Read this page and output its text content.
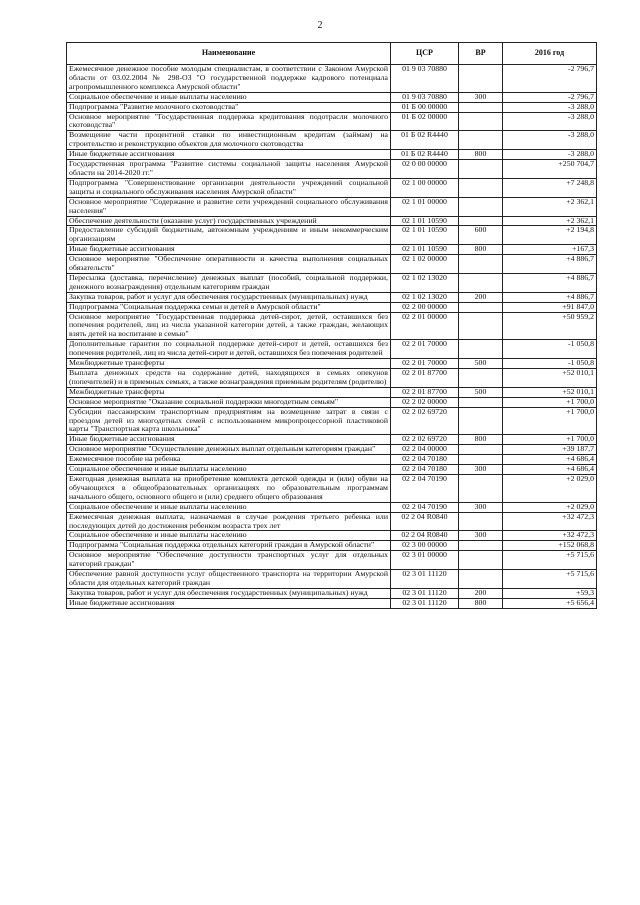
2
Наименование	ЦСР	ВР	2016 год
Ежемесячное денежное пособие молодым специалистам, в соответствии с Законом Амурской области от 03.02.2004 № 298-ОЗ "О государственной поддержке кадрового потенциала агропромышленного комплекса Амурской области"	01 9 03 70880		-2 796,7
Социальное обеспечение и иные выплаты населению	01 9 03 70880	300	-2 796,7
Подпрограмма "Развитие молочного скотоводства"	01 Б 00 00000		-3 288,0
Основное мероприятие "Государственная поддержка кредитования подотрасли молочного скотоводства"	01 Б 02 00000		-3 288,0
Возмещение части процентной ставки по инвестиционным кредитам (займам) на строительство и реконструкцию объектов для молочного скотоводства	01 Б 02 R4440		-3 288,0
Иные бюджетные ассигнования	01 Б 02 R4440	800	-3 288,0
Государственная программа "Развитие системы социальной защиты населения Амурской области на 2014-2020 гг."	02 0 00 00000		+250 704,7
Подпрограмма "Совершенствование организации деятельности учреждений социальной защиты и социального обслуживания населения Амурской области"	02 1 00 00000		+7 248,8
Основное мероприятие "Содержание и развитие сети учреждений социального обслуживания населения"	02 1 01 00000		+2 362,1
Обеспечение деятельности (оказание услуг) государственных учреждений	02 1 01 10590		+2 362,1
Предоставление субсидий бюджетным, автономным учреждениям и иным некоммерческим организациям	02 1 01 10590	600	+2 194,8
Иные бюджетные ассигнования	02 1 01 10590	800	+167,3
Основное мероприятие "Обеспечение оперативности и качества выполнения социальных обязательств"	02 1 02 00000		+4 886,7
Пересылка (доставка, перечисление) денежных выплат (пособий, социальной поддержки, денежного вознаграждения) отдельным категориям граждан	02 1 02 13020		+4 886,7
Закупка товаров, работ и услуг для обеспечения государственных (муниципальных) нужд	02 1 02 13020	200	+4 886,7
Подпрограмма "Социальная поддержка семьи и детей в Амурской области"	02 2 00 00000		+91 847,0
Основное мероприятие "Государственная поддержка детей-сирот, детей, оставшихся без попечения родителей, лиц из числа указанной категории детей, а также граждан, желающих взять детей на воспитание в семью"	02 2 01 00000		+50 959,2
Дополнительные гарантии по социальной поддержке детей-сирот и детей, оставшихся без попечения родителей, лиц из числа детей-сирот и детей, оставшихся без попечения родителей	02 2 01 70000		-1 050,8
Межбюджетные трансферты	02 2 01 70000	500	-1 050,8
Выплата денежных средств на содержание детей, находящихся в семьях опекунов (попечителей) и в приемных семьях, а также вознаграждения приемным родителям (родителю)	02 2 01 87700		+52 010,1
Межбюджетные трансферты	02 2 01 87700	500	+52 010,1
Основное мероприятие "Оказание социальной поддержки многодетным семьям"	02 2 02 00000		+1 700,0
Субсидии пассажирским транспортным предприятиям на возмещение затрат в связи с проездом детей из многодетных семей с использованием микропроцессорной пластиковой карты "Транспортная карта школьника"	02 2 02 69720		+1 700,0
Иные бюджетные ассигнования	02 2 02 69720	800	+1 700,0
Основное мероприятие "Осуществление денежных выплат отдельным категориям граждан"	02 2 04 00000		+39 187,7
Ежемесячное пособие на ребенка	02 2 04 70180		+4 686,4
Социальное обеспечение и иные выплаты населению	02 2 04 70180	300	+4 686,4
Ежегодная денежная выплата на приобретение комплекта детской одежды и (или) обуви на обучающихся в общеобразовательных организациях по образовательным программам начального общего, основного общего и (или) среднего общего образования	02 2 04 70190		+2 029,0
Социальное обеспечение и иные выплаты населению	02 2 04 70190	300	+2 029,0
Ежемесячная денежная выплата, назначаемая в случае рождения третьего ребенка или последующих детей до достижения ребенком возраста трех лет	02 2 04 R0840		+32 472,3
Социальное обеспечение и иные выплаты населению	02 2 04 R0840	300	+32 472,3
Подпрограмма "Социальная поддержка отдельных категорий граждан в Амурской области"	02 3 00 00000		+152 068,8
Основное мероприятие "Обеспечение доступности транспортных услуг для отдельных категорий граждан"	02 3 01 00000		+5 715,6
Обеспечение равной доступности услуг общественного транспорта на территории Амурской области для отдельных категорий граждан	02 3 01 11120		+5 715,6
Закупка товаров, работ и услуг для обеспечения государственных (муниципальных) нужд	02 3 01 11120	200	+59,3
Иные бюджетные ассигнования	02 3 01 11120	800	+5 656,4
